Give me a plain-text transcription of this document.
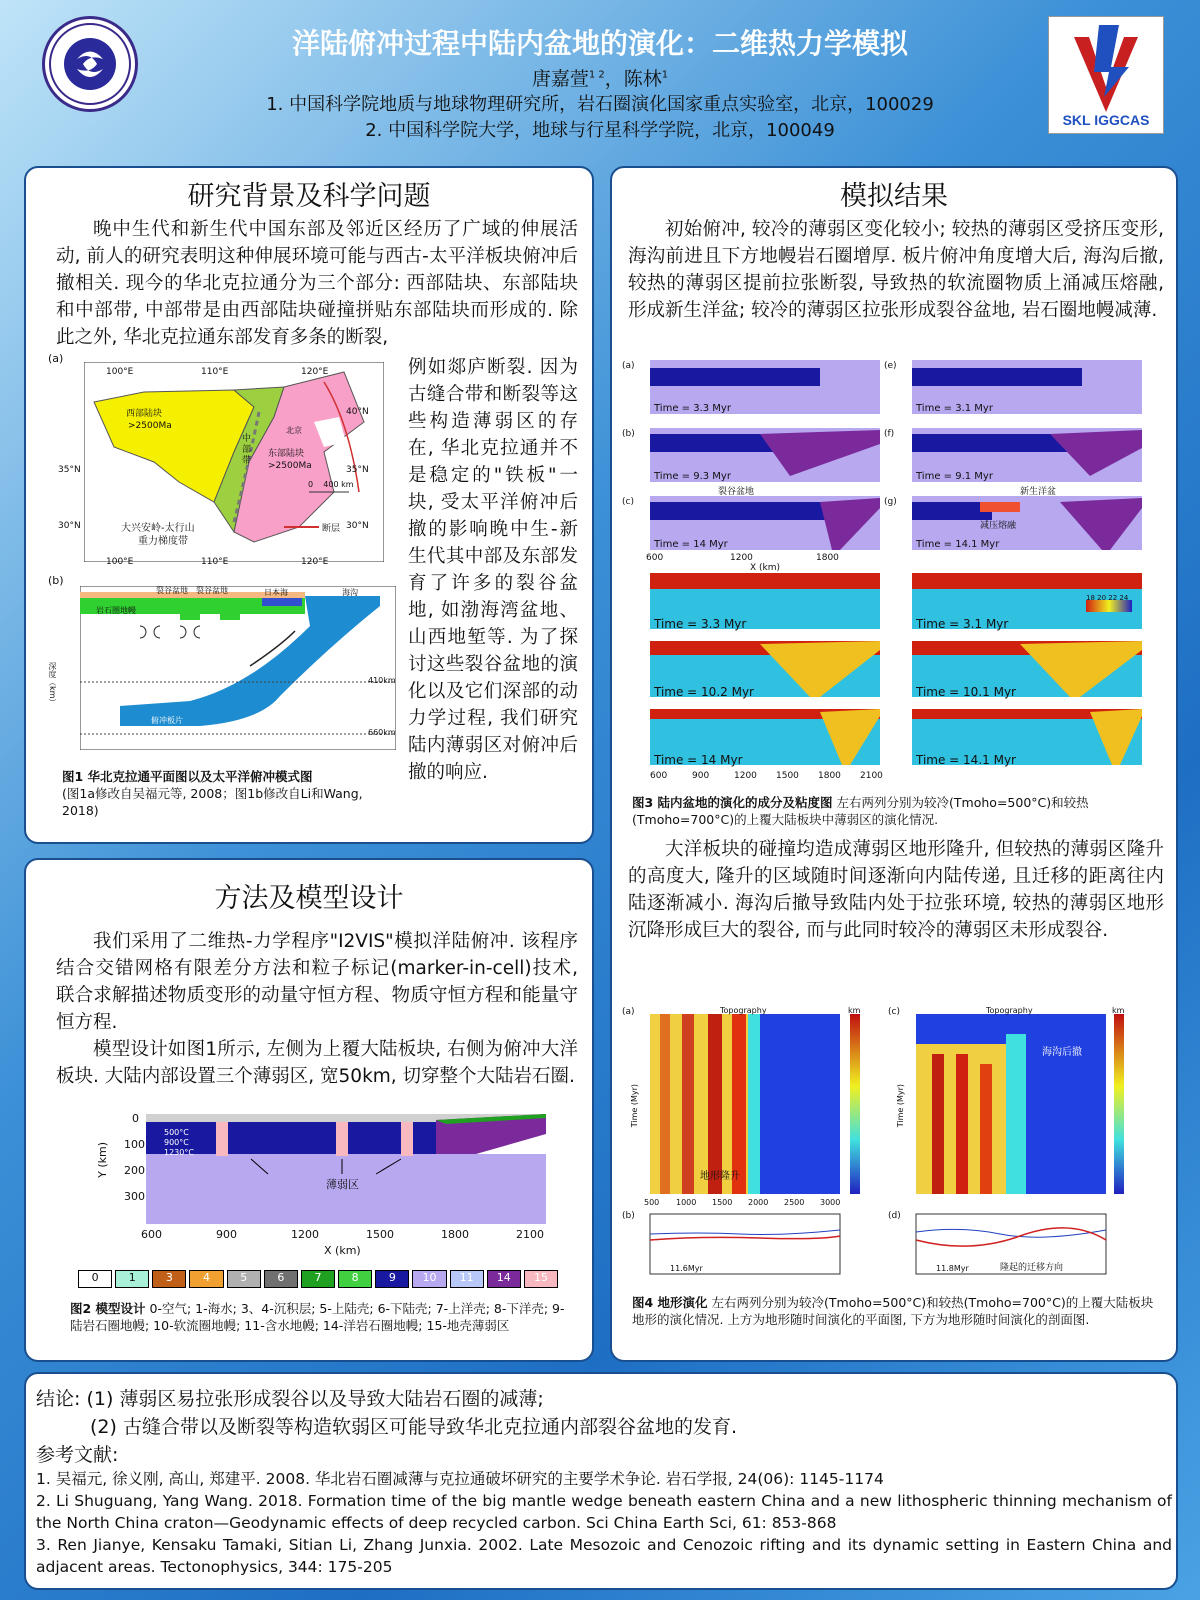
洋陆俯冲过程中陆内盆地的演化：二维热力学模拟
唐嘉萱$^{1 2}$，陈林$^1$
1. 中国科学院地质与地球物理研究所，岩石圈演化国家重点实验室，北京，100029
2. 中国科学院大学，地球与行星科学学院，北京，100049	SKL IGGCAS
研究背景及科学问题
晚中生代和新生代中国东部及邻近区经历了广域的伸展活动, 前人的研究表明这种伸展环境可能与西古-太平洋板块俯冲后撤相关. 现今的华北克拉通分为三个部分: 西部陆块、东部陆块和中部带, 中部带是由西部陆块碰撞拼贴东部陆块而形成的. 除此之外, 华北克拉通东部发育多条的断裂,
例如郯庐断裂. 因为古缝合带和断裂等这些构造薄弱区的存在, 华北克拉通并不是稳定的"铁板"一块, 受太平洋俯冲后撤的影响晚中生-新生代其中部及东部发育了许多的裂谷盆地, 如渤海湾盆地、山西地堑等. 为了探讨这些裂谷盆地的演化以及它们深部的动力学过程, 我们研究陆内薄弱区对俯冲后撤的响应.
(a)
100°E	110°E	120°E
35°N
30°N
40°N
35°N
30°N
西部陆块
>2500Ma
中部带
东部陆块
>2500Ma
北京
0    400 km
大兴安岭-太行山
重力梯度带
断层
100°E	110°E	120°E
(b)
裂谷盆地 裂谷盆地	日本海	海沟
岩石圈地幔
俯冲板片
410km
660km
深度（km）
图1 华北克拉通平面图以及太平洋俯冲模式图
(图1a修改自吴福元等, 2008；图1b修改自Li和Wang, 2018)
方法及模型设计
我们采用了二维热-力学程序"I2VIS"模拟洋陆俯冲. 该程序结合交错网格有限差分方法和粒子标记(marker-in-cell)技术, 联合求解描述物质变形的动量守恒方程、物质守恒方程和能量守恒方程.
模型设计如图1所示, 左侧为上覆大陆板块, 右侧为俯冲大洋板块. 大陆内部设置三个薄弱区, 宽50km, 切穿整个大陆岩石圈.
500°C
900°C
1230°C
薄弱区
0
100
200
300
Y (km)
600	900	1200	1500	1800	2100
X (km)
0	1	3	4	5	6	7	8	9	10	11	14	15
图2 模型设计 0-空气; 1-海水; 3、4-沉积层; 5-上陆壳; 6-下陆壳; 7-上洋壳; 8-下洋壳; 9-陆岩石圈地幔; 10-软流圈地幔; 11-含水地幔; 14-洋岩石圈地幔; 15-地壳薄弱区
模拟结果
初始俯冲, 较冷的薄弱区变化较小; 较热的薄弱区受挤压变形, 海沟前进且下方地幔岩石圈增厚. 板片俯冲角度增大后, 海沟后撤, 较热的薄弱区提前拉张断裂, 导致热的软流圈物质上涌减压熔融, 形成新生洋盆; 较冷的薄弱区拉张形成裂谷盆地, 岩石圈地幔减薄.
Time = 3.3 Myr
Time = 9.3 Myr
Time = 14 Myr
Time = 3.1 Myr
Time = 9.1 Myr
Time = 14.1 Myr
(a)
(b)
(c)
(e)
(f)
(g)
裂谷盆地	新生洋盆
减压熔融
600	1200	1800
X (km)
18 20 22 24
Time = 3.3 Myr
Time = 10.2 Myr
Time = 14 Myr
Time = 3.1 Myr
Time = 10.1 Myr
Time = 14.1 Myr
600	900	1200 1500 1800 2100
图3 陆内盆地的演化的成分及粘度图 左右两列分别为较冷(Tmoho=500°C)和较热(Tmoho=700°C)的上覆大陆板块中薄弱区的演化情况.
大洋板块的碰撞均造成薄弱区地形隆升, 但较热的薄弱区隆升的高度大, 隆升的区域随时间逐渐向内陆传递, 且迁移的距离往内陆逐渐减小. 海沟后撤导致陆内处于拉张环境, 较热的薄弱区地形沉降形成巨大的裂谷, 而与此同时较冷的薄弱区未形成裂谷.
(a)	(c)
(b)	(d)
Topography	Topography
km	km
Time (Myr)	Time (Myr)
地形隆升
海沟后撤
隆起的迁移方向
11.6Myr	11.8Myr
500 1000 1500 2000 2500 3000
图4 地形演化 左右两列分别为较冷(Tmoho=500°C)和较热(Tmoho=700°C)的上覆大陆板块地形的演化情况. 上方为地形随时间演化的平面图, 下方为地形随时间演化的剖面图.
结论: (1) 薄弱区易拉张形成裂谷以及导致大陆岩石圈的减薄;
(2) 古缝合带以及断裂等构造软弱区可能导致华北克拉通内部裂谷盆地的发育.
参考文献:
1. 吴福元, 徐义刚, 高山, 郑建平. 2008. 华北岩石圈减薄与克拉通破坏研究的主要学术争论. 岩石学报, 24(06): 1145-1174
2. Li Shuguang, Yang Wang. 2018. Formation time of the big mantle wedge beneath eastern China and a new lithospheric thinning mechanism of the North China craton—Geodynamic effects of deep recycled carbon. Sci China Earth Sci, 61: 853-868
3. Ren Jianye, Kensaku Tamaki, Sitian Li, Zhang Junxia. 2002. Late Mesozoic and Cenozoic rifting and its dynamic setting in Eastern China and adjacent areas. Tectonophysics, 344: 175-205
